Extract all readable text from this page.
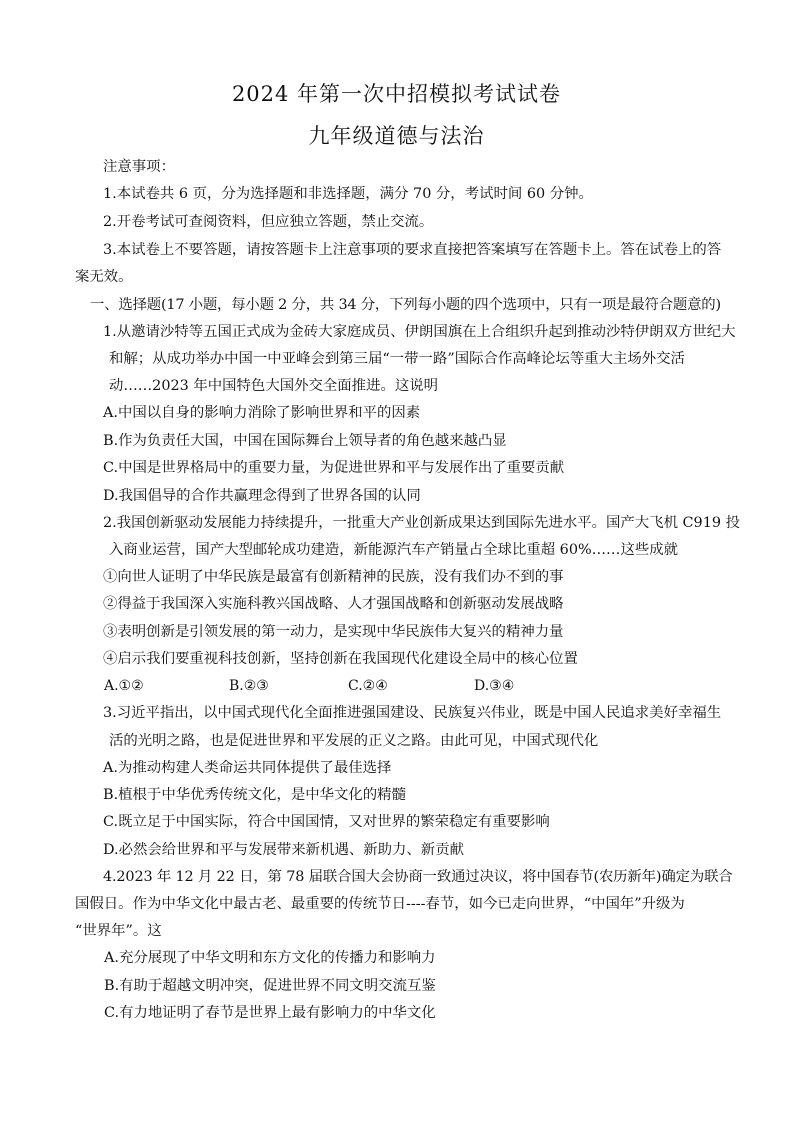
2024 年第一次中招模拟考试试卷
九年级道德与法治
注意事项：
1.本试卷共 6 页，分为选择题和非选择题，满分 70 分，考试时间 60 分钟。
2.开卷考试可查阅资料，但应独立答题，禁止交流。
3.本试卷上不要答题，请按答题卡上注意事项的要求直接把答案填写在答题卡上。答在试卷上的答
案无效。
一、选择题(17 小题，每小题 2 分，共 34 分，下列每小题的四个选项中，只有一项是最符合题意的)
1.从邀请沙特等五国正式成为金砖大家庭成员、伊朗国旗在上合组织升起到推动沙特伊朗双方世纪大
和解；从成功举办中国一中亚峰会到第三届“一带一路”国际合作高峰论坛等重大主场外交活
动……2023 年中国特色大国外交全面推进。这说明
A.中国以自身的影响力消除了影响世界和平的因素
B.作为负责任大国，中国在国际舞台上领导者的角色越来越凸显
C.中国是世界格局中的重要力量，为促进世界和平与发展作出了重要贡献
D.我国倡导的合作共赢理念得到了世界各国的认同
2.我国创新驱动发展能力持续提升，一批重大产业创新成果达到国际先进水平。国产大飞机 C919 投
入商业运营，国产大型邮轮成功建造，新能源汽车产销量占全球比重超 60%……这些成就
①向世人证明了中华民族是最富有创新精神的民族，没有我们办不到的事
②得益于我国深入实施科教兴国战略、人才强国战略和创新驱动发展战略
③表明创新是引领发展的第一动力，是实现中华民族伟大复兴的精神力量
④启示我们要重视科技创新，坚持创新在我国现代化建设全局中的核心位置
A.①②	B.②③	C.②④	D.③④
3.习近平指出，以中国式现代化全面推进强国建设、民族复兴伟业，既是中国人民追求美好幸福生
活的光明之路，也是促进世界和平发展的正义之路。由此可见，中国式现代化
A.为推动构建人类命运共同体提供了最佳选择
B.植根于中华优秀传统文化，是中华文化的精髓
C.既立足于中国实际，符合中国国情，又对世界的繁荣稳定有重要影响
D.必然会给世界和平与发展带来新机遇、新助力、新贡献
4.2023 年 12 月 22 日，第 78 届联合国大会协商一致通过决议，将中国春节(农历新年)确定为联合
国假日。作为中华文化中最古老、最重要的传统节日----春节，如今已走向世界，“中国年”升级为
“世界年”。这
A.充分展现了中华文明和东方文化的传播力和影响力
B.有助于超越文明冲突，促进世界不同文明交流互鉴
C.有力地证明了春节是世界上最有影响力的中华文化
